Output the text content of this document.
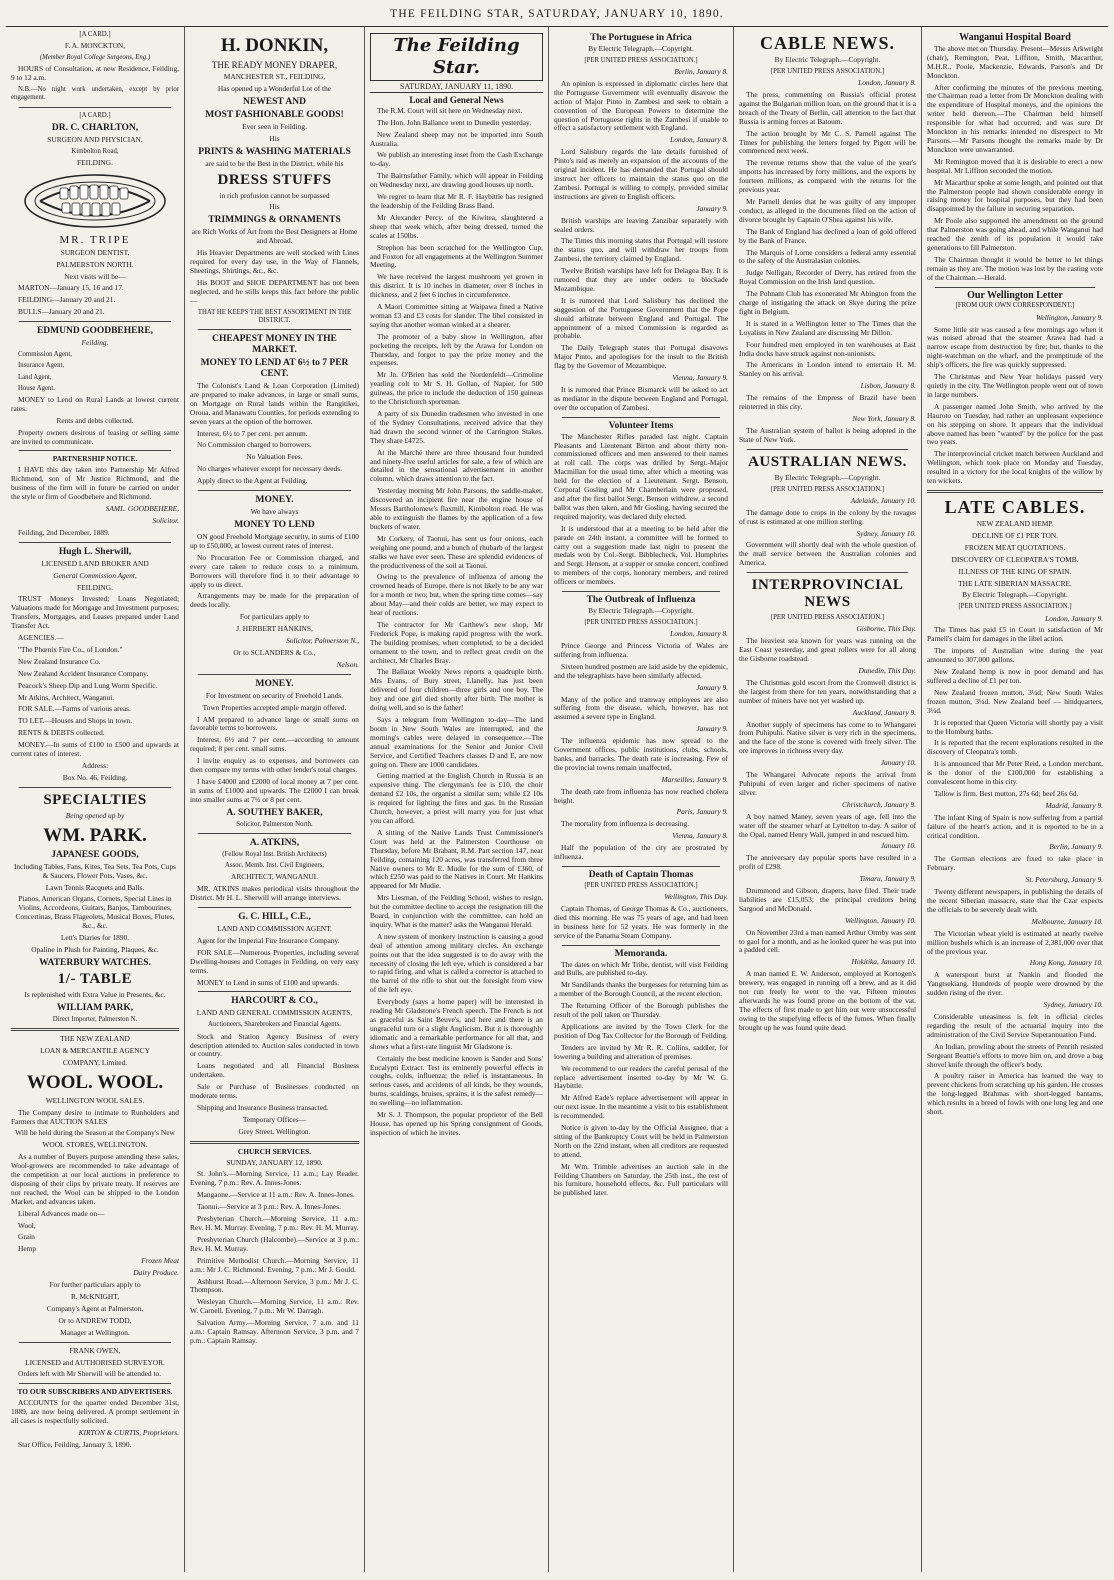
THE FEILDING STAR, SATURDAY, JANUARY 10, 1890.

[A CARD.]

F. A. MONCKTON,

(Member Royal College Surgeons, Eng.)

HOURS of Consultation, at new Residence, Feilding, 9 to 12 a.m.

N.B.—No night work undertaken, except by prior engagement.

[A CARD.]

DR. C. CHARLTON,

SURGEON AND PHYSICIAN,

Kimbolton Road,

FEILDING.

MR. TRIPE

SURGEON DENTIST,

PALMERSTON NORTH.

Next visits will be—

MARTON—January 15, 16 and 17.

FEILDING—January 20 and 21.

BULLS—January 20 and 21.

EDMUND GOODBEHERE,

Feilding.

Commission Agent,

Insurance Agent,

Land Agent,

House Agent.

MONEY to Lend on Rural Lands at lowest current rates.

Rents and debts collected.

Property owners desirous of leasing or selling same are invited to communicate.

PARTNERSHIP NOTICE.

I HAVE this day taken into Partnership Mr Alfred Richmond, son of Mr Justice Richmond, and the business of the firm will in future be carried on under the style or firm of Goodbehere and Richmond.

SAML. GOODBEHERE,

Solicitor.

Feilding, 2nd December, 1889.

Hugh L. Sherwill,

LICENSED LAND BROKER AND

General Commission Agent,

FEILDING.

TRUST Moneys Invested; Loans Negotiated; Valuations made for Mortgage and Investment purposes; Transfers, Mortgages, and Leases prepared under Land Transfer Act.

AGENCIES.—

"The Phœnix Fire Co., of London."

New Zealand Insurance Co.

New Zealand Accident Insurance Company.

Peacock's Sheep Dip and Lung Worm Specific.

Mr Atkins, Architect, Wanganui.

FOR SALE.—Farms of various areas.

TO LET.—Houses and Shops in town.

RENTS & DEBTS collected.

MONEY.—In sums of £100 to £500 and upwards at current rates of interest.

Address:

Box No. 46, Feilding.

SPECIALTIES

Being opened up by

WM. PARK.

JAPANESE GOODS,

Including Tables, Fans, Kites, Tea Sets, Tea Pots, Cups & Saucers, Flower Pots, Vases, &c.

Lawn Tennis Racquets and Balls.

Pianos, American Organs, Cornets, Special Lines in Violins, Accordeons, Guitars, Banjos, Tambourines, Concertinas, Brass Flageolets, Musical Boxes, Flutes, &c., &c.

Lett's Diaries for 1890.

Opaline in Plush for Painting, Plaques, &c.

WATERBURY WATCHES.

1/- TABLE

Is replenished with Extra Value in Presents, &c.

WILLIAM PARK,

Direct Importer, Palmerston N.

THE NEW ZEALAND

LOAN & MERCANTILE AGENCY

COMPANY, Limited.

WOOL. WOOL.

WELLINGTON WOOL SALES.

The Company desire to intimate to Runholders and Farmers that AUCTION SALES

Will be held during the Season at the Company's New

WOOL STORES, WELLINGTON.

As a number of Buyers purpose attending these sales, Wool-growers are recommended to take advantage of the competition at our local auctions in preference to disposing of their clips by private treaty. If reserves are not reached, the Wool can be shipped to the London Market, and advances taken.

Liberal Advances made on—

Wool,

Grain

Hemp

Frozen Meat

Dairy Produce.

For further particulars apply to

R. McKNIGHT,

Company's Agent at Palmerston,

Or to ANDREW TODD,

Manager at Wellington.

FRANK OWEN,

LICENSED and AUTHORISED SURVEYOR.

Orders left with Mr Sherwill will be attended to.

TO OUR SUBSCRIBERS AND ADVERTISERS.

ACCOUNTS for the quarter ended December 31st, 1889, are now being delivered. A prompt settlement in all cases is respectfully solicited.

KIRTON & CURTIS, Proprietors.

Star Office, Feilding, January 3, 1890.

H. DONKIN,

THE READY MONEY DRAPER,

MANCHESTER ST., FEILDING,

Has opened up a Wonderful Lot of the

NEWEST AND

MOST FASHIONABLE GOODS!

Ever seen in Feilding.

His

PRINTS & WASHING MATERIALS

are said to be the Best in the District, while his

DRESS STUFFS

in rich profusion cannot be surpassed

His

TRIMMINGS & ORNAMENTS

are Rich Works of Art from the Best Designers at Home and Abroad.

His Heavier Departments are well stocked with Lines required for every day use, in the Way of Flannels, Sheetings, Shirtings, &c., &c.

His BOOT and SHOE DEPARTMENT has not been neglected, and he stills keeps this fact before the public—

THAT HE KEEPS THE BEST ASSORTMENT IN THE DISTRICT.

CHEAPEST MONEY IN THE MARKET.

MONEY TO LEND AT 6½ to 7 PER CENT.

The Colonist's Land & Loan Corporation (Limited) are prepared to make advances, in large or small sums, on Mortgage on Rural lands within the Rangitikei, Oroua, and Manawatu Counties, for periods extending to seven years at the option of the borrower.

Interest, 6½ to 7 per cent. per annum.

No Commission charged to borrowers.

No Valuation Fees.

No charges whatever except for necessary deeds.

Apply direct to the Agent at Feilding.

MONEY.

We have always

MONEY TO LEND

ON good Freehold Mortgage security, in sums of £100 up to £50,000, at lowest current rates of interest.

No Procuration Fee or Commission charged, and every care taken to reduce costs to a minimum. Borrowers will therefore find it to their advantage to apply to us direct.

Arrangements may be made for the preparation of deeds locally.

For particulars apply to

J. HERBERT HANKINS,

Solicitor, Palmerston N.,

Or to SCLANDERS & Co.,

Nelson.

MONEY.

For Investment on security of Freehold Lands.

Town Properties accepted ample margin offered.

I AM prepared to advance large or small sums on favorable terms to borrowers.

Interest, 6½ and 7 per cent.—according to amount required; 8 per cent. small sums.

I invite enquiry as to expenses, and borrowers can then compare my terms with other lender's total charges.

I have £4000 and £2000 of local money at 7 per cent. in sums of £1000 and upwards. The £2000 I can break into smaller sums at 7½ or 8 per cent.

A. SOUTHEY BAKER,

Solicitor, Palmerston North.

A. ATKINS,

(Fellow Royal Inst. British Architects)

Assoc. Memb. Inst. Civil Engineers,

ARCHITECT, WANGANUI.

MR. ATKINS makes periodical visits throughout the District. Mr H. L. Sherwill will arrange interviews.

G. C. HILL, C.E.,

LAND AND COMMISSION AGENT.

Agent for the Imperial Fire Insurance Company.

FOR SALE—Numerous Properties, including several Dwelling-houses and Cottages in Feilding, on very easy terms.

MONEY to Lend in sums of £100 and upwards.

HARCOURT & CO.,

LAND AND GENERAL COMMISSION AGENTS,

Auctioneers, Sharebrokers and Financial Agents.

Stock and Station Agency Business of every description attended to. Auction sales conducted in town or country.

Loans negotiated and all Financial Business undertaken.

Sale or Purchase of Businesses conducted on moderate terms.

Shipping and Insurance Business transacted.

Temporary Offices—

Grey Street, Wellington.

CHURCH SERVICES.

SUNDAY, JANUARY 12, 1890.

St. John's.—Morning Service, 11 a.m.; Lay Reader. Evening, 7 p.m.: Rev. A. Innes-Jones.

Mangaone.—Service at 11 a.m.: Rev. A. Innes-Jones.

Taonui.—Service at 3 p.m.: Rev. A. Innes-Jones.

Presbyterian Church.—Morning Service, 11 a.m.: Rev. H. M. Murray. Evening, 7 p.m.: Rev. H. M. Murray.

Presbyterian Church (Halcombe).—Service at 3 p.m.: Rev. H. M. Murray.

Primitive Methodist Church.—Morning Service, 11 a.m.: Mr J. C. Richmond. Evening, 7 p.m.: Mr J. Gould.

Ashhurst Road.—Afternoon Service, 3 p.m.: Mr J. C. Thompson.

Wesleyan Church.—Morning Service, 11 a.m.: Rev. W. Carnell. Evening, 7 p.m.: Mr W. Darragh.

Salvation Army.—Morning Service, 7 a.m. and 11 a.m.: Captain Ramsay. Afternoon Service, 3 p.m. and 7 p.m.: Captain Ramsay.

The Feilding Star.
SATURDAY, JANUARY 11, 1890.

Local and General News

The R.M. Court will sit here on Wednesday next.

The Hon. John Ballance went to Dunedin yesterday.

New Zealand sheep may not be imported into South Australia.

We publish an interesting inset from the Cash Exchange to-day.

The Bairnsfather Family, which will appear in Feilding on Wednesday next, are drawing good houses up north.

We regret to learn that Mr R. F. Haybittle has resigned the leadership of the Feilding Brass Band.

Mr Alexander Percy, of the Kiwitea, slaughtered a sheep that week which, after being dressed, turned the scales at 150lbs.

Strephon has been scratched for the Wellington Cup, and Foxton for all engagements at the Wellington Summer Meeting.

We have received the largest mushroom yet grown in this district. It is 10 inches in diameter, over 8 inches in thickness, and 2 feet 6 inches in circumference.

A Maori Committee sitting at Waipawa fined a Native woman £3 and £3 costs for slander. The libel consisted in saying that another woman winked at a shearer.

The promoter of a baby show in Wellington, after pocketing the receipts, left by the Arawa for London on Thursday, and forgot to pay the prize money and the expenses.

Mr Jn. O'Brien has sold the Nordenfeldt—Crimoline yearling colt to Mr S. H. Gollan, of Napier, for 500 guineas, the price to include the deduction of 150 guineas to the Christchurch sportsman.

A party of six Dunedin tradesmen who invested in one of the Sydney Consultations, received advice that they had drawn the second winner of the Carrington Stakes. They share £4725.

At the Marché there are three thousand four hundred and ninety-five useful articles for sale, a few of which are detailed in the sensational advertisement in another column, which draws attention to the fact.

Yesterday morning Mr John Parsons, the saddle-maker, discovered an incipient fire near the engine house of Messrs Bartholomew's flaxmill, Kimbolton road. He was able to extinguish the flames by the application of a few buckets of water.

Mr Corkery, of Taonui, has sent us four onions, each weighing one pound, and a bunch of rhubarb of the largest stalks we have ever seen. These are splendid evidences of the productiveness of the soil at Taonui.

Owing to the prevalence of influenza of among the crowned heads of Europe, there is not likely to be any war for a month or two; but, when the spring time comes—say about May—and their colds are better, we may expect to hear of ructions.

The contractor for Mr Carthew's new shop, Mr Frederick Pope, is making rapid progress with the work. The building promises, when completed, to be a decided ornament to the town, and to reflect great credit on the architect, Mr Charles Bray.

The Ballarat Weekly News reports a quadruple birth. Mrs Evans, of Bury street, Llanelly, has just been delivered of four children—three girls and one boy. The boy and one girl died shortly after birth. The mother is doing well, and so is the father!

Says a telegram from Wellington to-day—The land boom in New South Wales are interrupted, and the morning's cables were delayed in consequence.—The annual examinations for the Senior and Junior Civil Service, and Certified Teachers classes D and E, are now going on. There are 1000 candidates.

Getting married at the English Church in Russia is an expensive thing. The clergyman's fee is £10, the choir demand £2 10s, the organist a similar sum; while £2 10s is required for lighting the fires and gas. In the Russian Church, however, a priest will marry you for just what you can afford.

A sitting of the Native Lands Trust Commissioner's Court was held at the Palmerston Courthouse on Thursday, before Mr Brabant, R.M. Part section 147, near Feilding, containing 120 acres, was transferred from three Native owners to Mr E. Mudie for the sum of £360, of which £250 was paid to the Natives in Court. Mr Hankins appeared for Mr Mudie.

Mrs Liesman, of the Feilding School, wishes to resign, but the committee decline to accept the resignation till the Board, in conjunction with the committee, can hold an inquiry. What is the matter? asks the Wanganui Herald.

A new system of monkery instruction is causing a good deal of attention among military circles. An exchange points out that the idea suggested is to do away with the necessity of closing the left eye, which is considered a bar to rapid firing, and what is called a corrector is attached to the barrel of the rifle to shut out the foresight from view of the left eye.

Everybody (says a home paper) will be interested in reading Mr Gladstone's French speech. The French is not as graceful as Saint Beuve's, and here and there is an ungraceful turn or a slight Anglicism. But it is thoroughly idiomatic and a remarkable performance for all that, and shows what a first-rate linguist Mr Gladstone is.

Certainly the best medicine known is Sander and Sons' Eucalypti Extract. Test its eminently powerful effects in coughs, colds, influenza; the relief is instantaneous. In serious cases, and accidents of all kinds, be they wounds, burns, scaldings, bruises, sprains, it is the safest remedy—no swelling—no inflammation.

Mr S. J. Thompson, the popular proprietor of the Bell House, has opened up his Spring consignment of Goods, inspection of which he invites.

The Portuguese in Africa

By Electric Telegraph.—Copyright.

[PER UNITED PRESS ASSOCIATION.]

Berlin, January 8.

An opinion is expressed in diplomatic circles here that the Portuguese Government will eventually disavow the action of Major Pinto in Zambesi and seek to obtain a convention of the European Powers to determine the question of Portuguese rights in the Zambesi if unable to effect a satisfactory settlement with England.

London, January 8.

Lord Salisbury regards the late details furnished of Pinto's raid as merely an expansion of the accounts of the original incident. He has demanded that Portugal should instruct her officers to maintain the status quo on the Zambesi. Portugal is willing to comply, provided similar instructions are given to English officers.

January 9.

British warships are leaving Zanzibar separately with sealed orders.

The Times this morning states that Portugal will restore the status quo, and will withdraw her troops from Zambesi, the territory claimed by England.

Twelve British warships have left for Delagoa Bay. It is rumored that they are under orders to blockade Mozambique.

It is rumored that Lord Salisbury has declined the suggestion of the Portuguese Government that the Pope should arbitrate between England and Portugal. The appointment of a mixed Commission is regarded as probable.

The Daily Telegraph states that Portugal disavows Major Pinto, and apologises for the insult to the British flag by the Governor of Mozambique.

Vienna, January 9.

It is rumored that Prince Bismarck will be asked to act as mediator in the dispute between England and Portugal, over the occupation of Zambesi.

Volunteer Items

The Manchester Rifles paraded last night. Captain Pleasants and Lieutenant Birton and about thirty non-commissioned officers and men answered to their names at roll call. The corps was drilled by Sergt.-Major Macmillan for the usual time, after which a meeting was held for the election of a Lieutenant. Sergt. Benson, Corporal Gosling and Mr Chamberlain were proposed, and after the first ballot Sergt. Benson withdrew, a second ballot was then taken, and Mr Gosling, having secured the required majority, was declared duly elected.

It is understood that at a meeting to be held after the parade on 24th instant, a committee will be formed to carry out a suggestion made last night to present the medals won by Col.-Sergt. Bibblecheck, Vol. Humphries and Sergt. Henson, at a supper or smoke concert, confined to members of the corps, honorary members, and retired officers or members.

The Outbreak of Influenza

By Electric Telegraph.—Copyright.

[PER UNITED PRESS ASSOCIATION.]

London, January 8.

Prince George and Princess Victoria of Wales are suffering from influenza.

Sixteen hundred postmen are laid aside by the epidemic, and the telegraphists have been similarly affected.

January 9.

Many of the police and tramway employees are also suffering from the disease, which, however, has not assumed a severe type in England.

January 9.

The influenza epidemic has now spread to the Government offices, public institutions, clubs, schools, banks, and barracks. The death rate is increasing. Few of the provincial towns remain unaffected.

Marseilles, January 9.

The death rate from influenza has now reached cholera height.

Paris, January 9.

The mortality from influenza is decreasing.

Vienna, January 8.

Half the population of the city are prostrated by influenza.

Death of Captain Thomas

[PER UNITED PRESS ASSOCIATION.]

Wellington, This Day.

Captain Thomas, of George Thomas & Co., auctioneers, died this morning. He was 75 years of age, and had been in business here for 52 years. He was formerly in the service of the Panama Steam Company.

Memoranda.

The dates on which Mr Tribe, dentist, will visit Feilding and Bulls, are published to-day.

Mr Sandilands thanks the burgesses for returning him as a member of the Borough Council, at the recent election.

The Returning Officer of the Borough publishes the result of the poll taken on Thursday.

Applications are invited by the Town Clerk for the position of Dog Tax Collector for the Borough of Feilding.

Tenders are invited by Mr R. R. Collins, saddler, for lowering a building and alteration of premises.

We recommend to our readers the careful perusal of the replace advertisement inserted to-day by Mr W. G. Haybittle.

Mr Alfred Eade's replace advertisement will appear in our next issue. In the meantime a visit to his establishment is recommended.

Notice is given to-day by the Official Assignee, that a sitting of the Bankruptcy Court will be held in Palmerston North on the 22nd instant, when all creditors are requested to attend.

Mr Wm. Trimble advertises an auction sale in the Feilding Chambers on Saturday, the 25th inst., the rest of his furniture, household effects, &c. Full particulars will be published later.

CABLE NEWS.

By Electric Telegraph.—Copyright.

[PER UNITED PRESS ASSOCIATION.]

London, January 8.

The press, commenting on Russia's official protest against the Bulgarian million loan, on the ground that it is a breach of the Treaty of Berlin, call attention to the fact that Russia is arming forces at Batoum.

The action brought by Mr C. S. Parnell against The Times for publishing the letters forged by Pigott will be commenced next week.

The revenue returns show that the value of the year's imports has increased by forty millions, and the exports by fourteen millions, as compared with the returns for the previous year.

Mr Parnell denies that he was guilty of any improper conduct, as alleged in the documents filed on the action of divorce brought by Captain O'Shea against his wife.

The Bank of England has declined a loan of gold offered by the Bank of France.

The Marquis of Lorne considers a federal army essential to the safety of the Australasian colonies.

Judge Nelligan, Recorder of Derry, has retired from the Royal Commission on the Irish land question.

The Pohnam Club has exonerated Mr Abington from the charge of instigating the attack on Skye during the prize fight in Belgium.

It is stated in a Wellington letter to The Times that the Loyalists in New Zealand are discussing Mr Dillon.

Four hundred men employed in ten warehouses at East India docks have struck against non-unionists.

The Americans in London intend to entertain H. M. Stanley on his arrival.

Lisbon, January 8.

The remains of the Empress of Brazil have been reinterred in this city.

New York, January 8.

The Australian system of ballot is being adopted in the State of New York.

AUSTRALIAN NEWS.

By Electric Telegraph.—Copyright.

[PER UNITED PRESS ASSOCIATION.]

Adelaide, January 10.

The damage done to crops in the colony by the ravages of rust is estimated at one million sterling.

Sydney, January 10.

Government will shortly deal with the whole question of the mail service between the Australian colonies and America.

INTERPROVINCIAL NEWS

[PER UNITED PRESS ASSOCIATION.]

Gisborne, This Day.

The heaviest sea known for years was running on the East Coast yesterday, and great rollers were for all along the Gisborne roadstead.

Dunedin, This Day.

The Christmas gold escort from the Cromwell district is the largest from there for ten years, notwithstanding that a number of miners have not yet washed up.

Auckland, January 9.

Another supply of specimens has come to to Whangarei from Puhipuhi. Native silver is very rich in the specimens, and the face of the stone is covered with freely silver. The ore improves in richness every day.

January 10.

The Whangarei Advocate reports the arrival from Puhipuhi of even larger and richer specimens of native silver.

Christchurch, January 9.

A boy named Maney, seven years of age, fell into the water off the steamer wharf at Lyttelton to-day. A sailor of the Opal, named Henry Wall, jumped in and rescued him.

January 10.

The anniversary day popular sports have resulted in a profit of £298.

Timaru, January 9.

Drummond and Gibson, drapers, have filed. Their trade liabilities are £15,053; the principal creditors being Sargood and McDonald.

Wellington, January 10.

On November 23rd a man named Arthur Ormby was sent to gaol for a month, and as he looked queer he was put into a padded cell.

Hokitika, January 10.

A man named E. W. Anderson, employed at Kortogen's brewery, was engaged in running off a brew, and as it did not run freely he went to the vat. Fifteen minutes afterwards he was found prone on the bottom of the vat. The effects of first made to get him out were unsuccessful owing to the stupefying effects of the fumes. When finally brought up he was found quite dead.

Wanganui Hospital Board

The above met on Thursday. Present—Messrs Arkwright (chair), Remington, Peat, Liffiton, Smith, Macarthur, M.H.R., Poole, Mackenzie, Edwards, Parson's and Dr Monckton.

After confirming the minutes of the previous meeting, the Chairman read a letter from Dr Monckton dealing with the expenditure of Hospital moneys, and the opinions the writer held thereon.—The Chairman held himself responsible for what had occurred, and was sure Dr Monckton in his remarks intended no disrespect to Mr Parsons.—Mr Parsons thought the remarks made by Dr Monckton were unwarranted.

Mr Remington moved that it is desirable to erect a new hospital. Mr Liffiton seconded the motion.

Mr Macarthur spoke at some length, and pointed out that the Palmerston people had shown considerable energy in raising money for hospital purposes, but they had been disappointed by the failure in securing separation.

Mr Poole also supported the amendment on the ground that Palmerston was going ahead, and while Wanganui had reached the zenith of its population it would take generations to fill Palmerston.

The Chairman thought it would be better to let things remain as they are. The motion was lost by the casting vote of the Chairman.—Herald.

Our Wellington Letter

[FROM OUR OWN CORRESPONDENT.]

Wellington, January 9.

Some little stir was caused a few mornings ago when it was noised abroad that the steamer Arawa had had a narrow escape from destruction by fire; but, thanks to the night-watchman on the wharf, and the promptitude of the ship's officers, the fire was quickly suppressed.

The Christmas and New Year holidays passed very quietly in the city. The Wellington people went out of town in large numbers.

A passenger named John Smith, who arrived by the Hauroto on Tuesday, had rather an unpleasant experience on his stepping on shore. It appears that the individual above named has been "wanted" by the police for the past two years.

The interprovincial cricket match between Auckland and Wellington, which took place on Monday and Tuesday, resulted in a victory for the local knights of the willow by ten wickets.

LATE CABLES.

NEW ZEALAND HEMP.

DECLINE OF £1 PER TON.

FROZEN MEAT QUOTATIONS.

DISCOVERY OF CLEOPATRA'S TOMB.

ILLNESS OF THE KING OF SPAIN.

THE LATE SIBERIAN MASSACRE.

By Electric Telegraph.—Copyright.

[PER UNITED PRESS ASSOCIATION.]

London, January 9.

The Times has paid £5 in Court in satisfaction of Mr Parnell's claim for damages in the libel action.

The imports of Australian wine during the year amounted to 307,000 gallons.

New Zealand hemp is now in poor demand and has suffered a decline of £1 per ton.

New Zealand frozen mutton, 3¼d; New South Wales frozen mutton, 3¼d. New Zealand beef — hindquarters, 3¼d.

It is reported that Queen Victoria will shortly pay a visit to the Homburg baths.

It is reported that the recent explorations resulted in the discovery of Cleopatra's tomb.

It is announced that Mr Peter Reid, a London merchant, is the donor of the £100,000 for establishing a convalescent home in this city.

Tallow is firm. Best mutton, 27s 6d; beef 26s 6d.

Madrid, January 9.

The infant King of Spain is now suffering from a partial failure of the heart's action, and it is reported to be in a critical condition.

Berlin, January 9.

The German elections are fixed to take place in February.

St. Petersburg, January 9.

Twenty different newspapers, in publishing the details of the recent Siberian massacre, state that the Czar expects the officials to be severely dealt with.

Melbourne, January 10.

The Victorian wheat yield is estimated at nearly twelve million bushels which is an increase of 2,381,000 over that of the previous year.

Hong Kong, January 10.

A waterspout burst at Nankin and flooded the Yangtsekiang. Hundreds of people were drowned by the sudden rising of the river.

Sydney, January 10.

Considerable uneasiness is felt in official circles regarding the result of the actuarial inquiry into the administration of the Civil Service Superannuation Fund.

An Indian, prowling about the streets of Penrith resisted Sergeant Beattie's efforts to move him on, and drove a bag shovel knife through the officer's body.

A poultry raiser in America has learned the way to prevent chickens from scratching up his garden. He crosses the long-legged Brahmas with short-legged bantams, which results in a breed of fowls with one long leg and one short.
